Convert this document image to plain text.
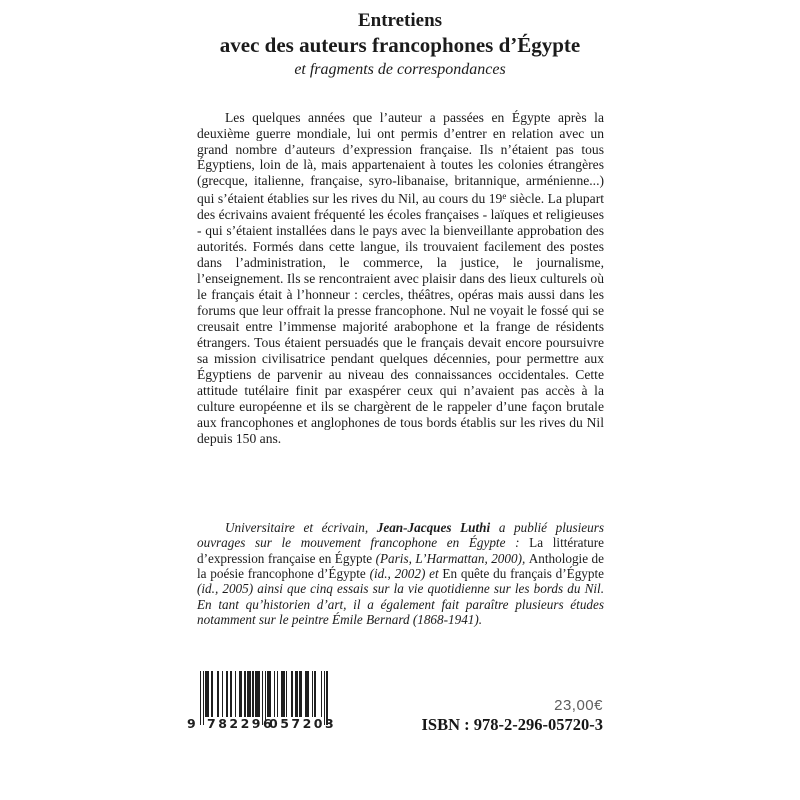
Entretiens
avec des auteurs francophones d’Égypte
et fragments de correspondances

Les quelques années que l’auteur a passées en Égypte après la deuxième guerre mondiale, lui ont permis d’entrer en relation avec un grand nombre d’auteurs d’expression française. Ils n’étaient pas tous Égyptiens, loin de là, mais appartenaient à toutes les colonies étrangères (grecque, italienne, française, syro-libanaise, britannique, arménienne...) qui s’étaient établies sur les rives du Nil, au cours du 19e siècle. La plupart des écrivains avaient fréquenté les écoles françaises - laïques et religieuses - qui s’étaient installées dans le pays avec la bienveillante approbation des autorités. Formés dans cette langue, ils trouvaient facilement des postes dans l’administration, le commerce, la justice, le journalisme, l’enseignement. Ils se rencontraient avec plaisir dans des lieux culturels où le français était à l’honneur : cercles, théâtres, opéras mais aussi dans les forums que leur offrait la presse francophone. Nul ne voyait le fossé qui se creusait entre l’immense majorité arabophone et la frange de résidents étrangers. Tous étaient persuadés que le français devait encore poursuivre sa mission civilisatrice pendant quelques décennies, pour permettre aux Égyptiens de parvenir au niveau des connaissances occidentales. Cette attitude tutélaire finit par exaspérer ceux qui n’avaient pas accès à la culture européenne et ils se chargèrent de le rappeler d’une façon brutale aux francophones et anglophones de tous bords établis sur les rives du Nil depuis 150 ans.

Universitaire et écrivain, Jean-Jacques Luthi a publié plusieurs ouvrages sur le mouvement francophone en Égypte : La littérature d’expression française en Égypte (Paris, L’Harmattan, 2000), Anthologie de la poésie francophone d’Égypte (id., 2002) et En quête du français d’Égypte (id., 2005) ainsi que cinq essais sur la vie quotidienne sur les bords du Nil. En tant qu’historien d’art, il a également fait paraître plusieurs études notamment sur le peintre Émile Bernard (1868-1941).

9 782296
057203
23,00€
ISBN : 978-2-296-05720-3
